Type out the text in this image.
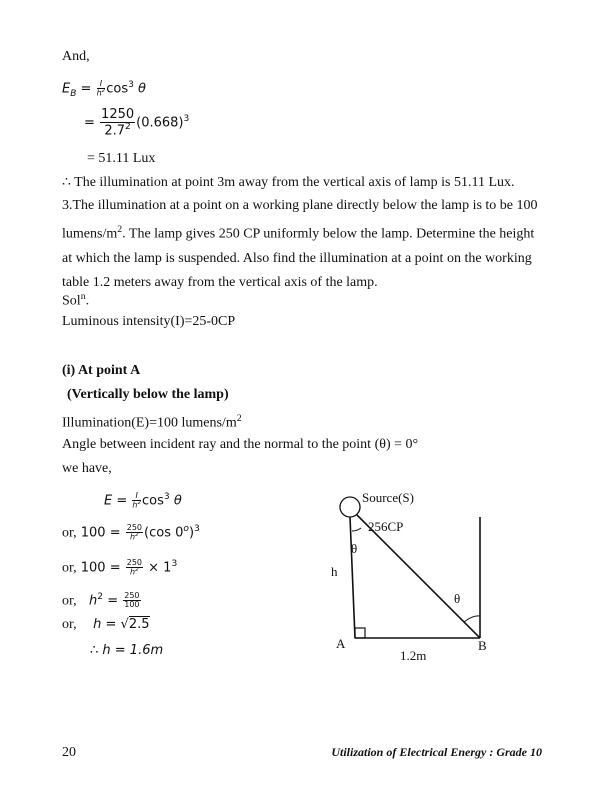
And,
$E_B = \frac{I}{h^2} \cos^3 \theta$
= $\frac{1250}{2.7^2} (0.668)^3$
= 51.11 Lux
∴ The illumination at point 3m away from the vertical axis of lamp is 51.11 Lux.
3.The illumination at a point on a working plane directly below the lamp is to be 100
lumens/$m^2$. The lamp gives 250 CP uniformly below the lamp. Determine the height
at which the lamp is suspended. Also find the illumination at a point on the working
table 1.2 meters away from the vertical axis of the lamp.
Sol$^n$.
Luminous intensity(I)=25-0CP
(i) At point A
(Vertically below the lamp)
Illumination(E)=100 lumens/$m^2$
Angle between incident ray and the normal to the point (θ) = 0°
we have,
$E = \frac{I}{h^2} \cos^3 \theta$
or, $100 = \frac{250}{h^2} (\cos$ 0$^o$)$^3$
or, $100 = \frac{250}{h^2} \times 1^3$
or, $h^2 = \frac{250}{100}$
or, h = √2.5
∴ h = 1.6m
Source(S)
256CP
θ
θ
h
A	B
1.2m
20	Utilization of Electrical Energy : Grade 10
